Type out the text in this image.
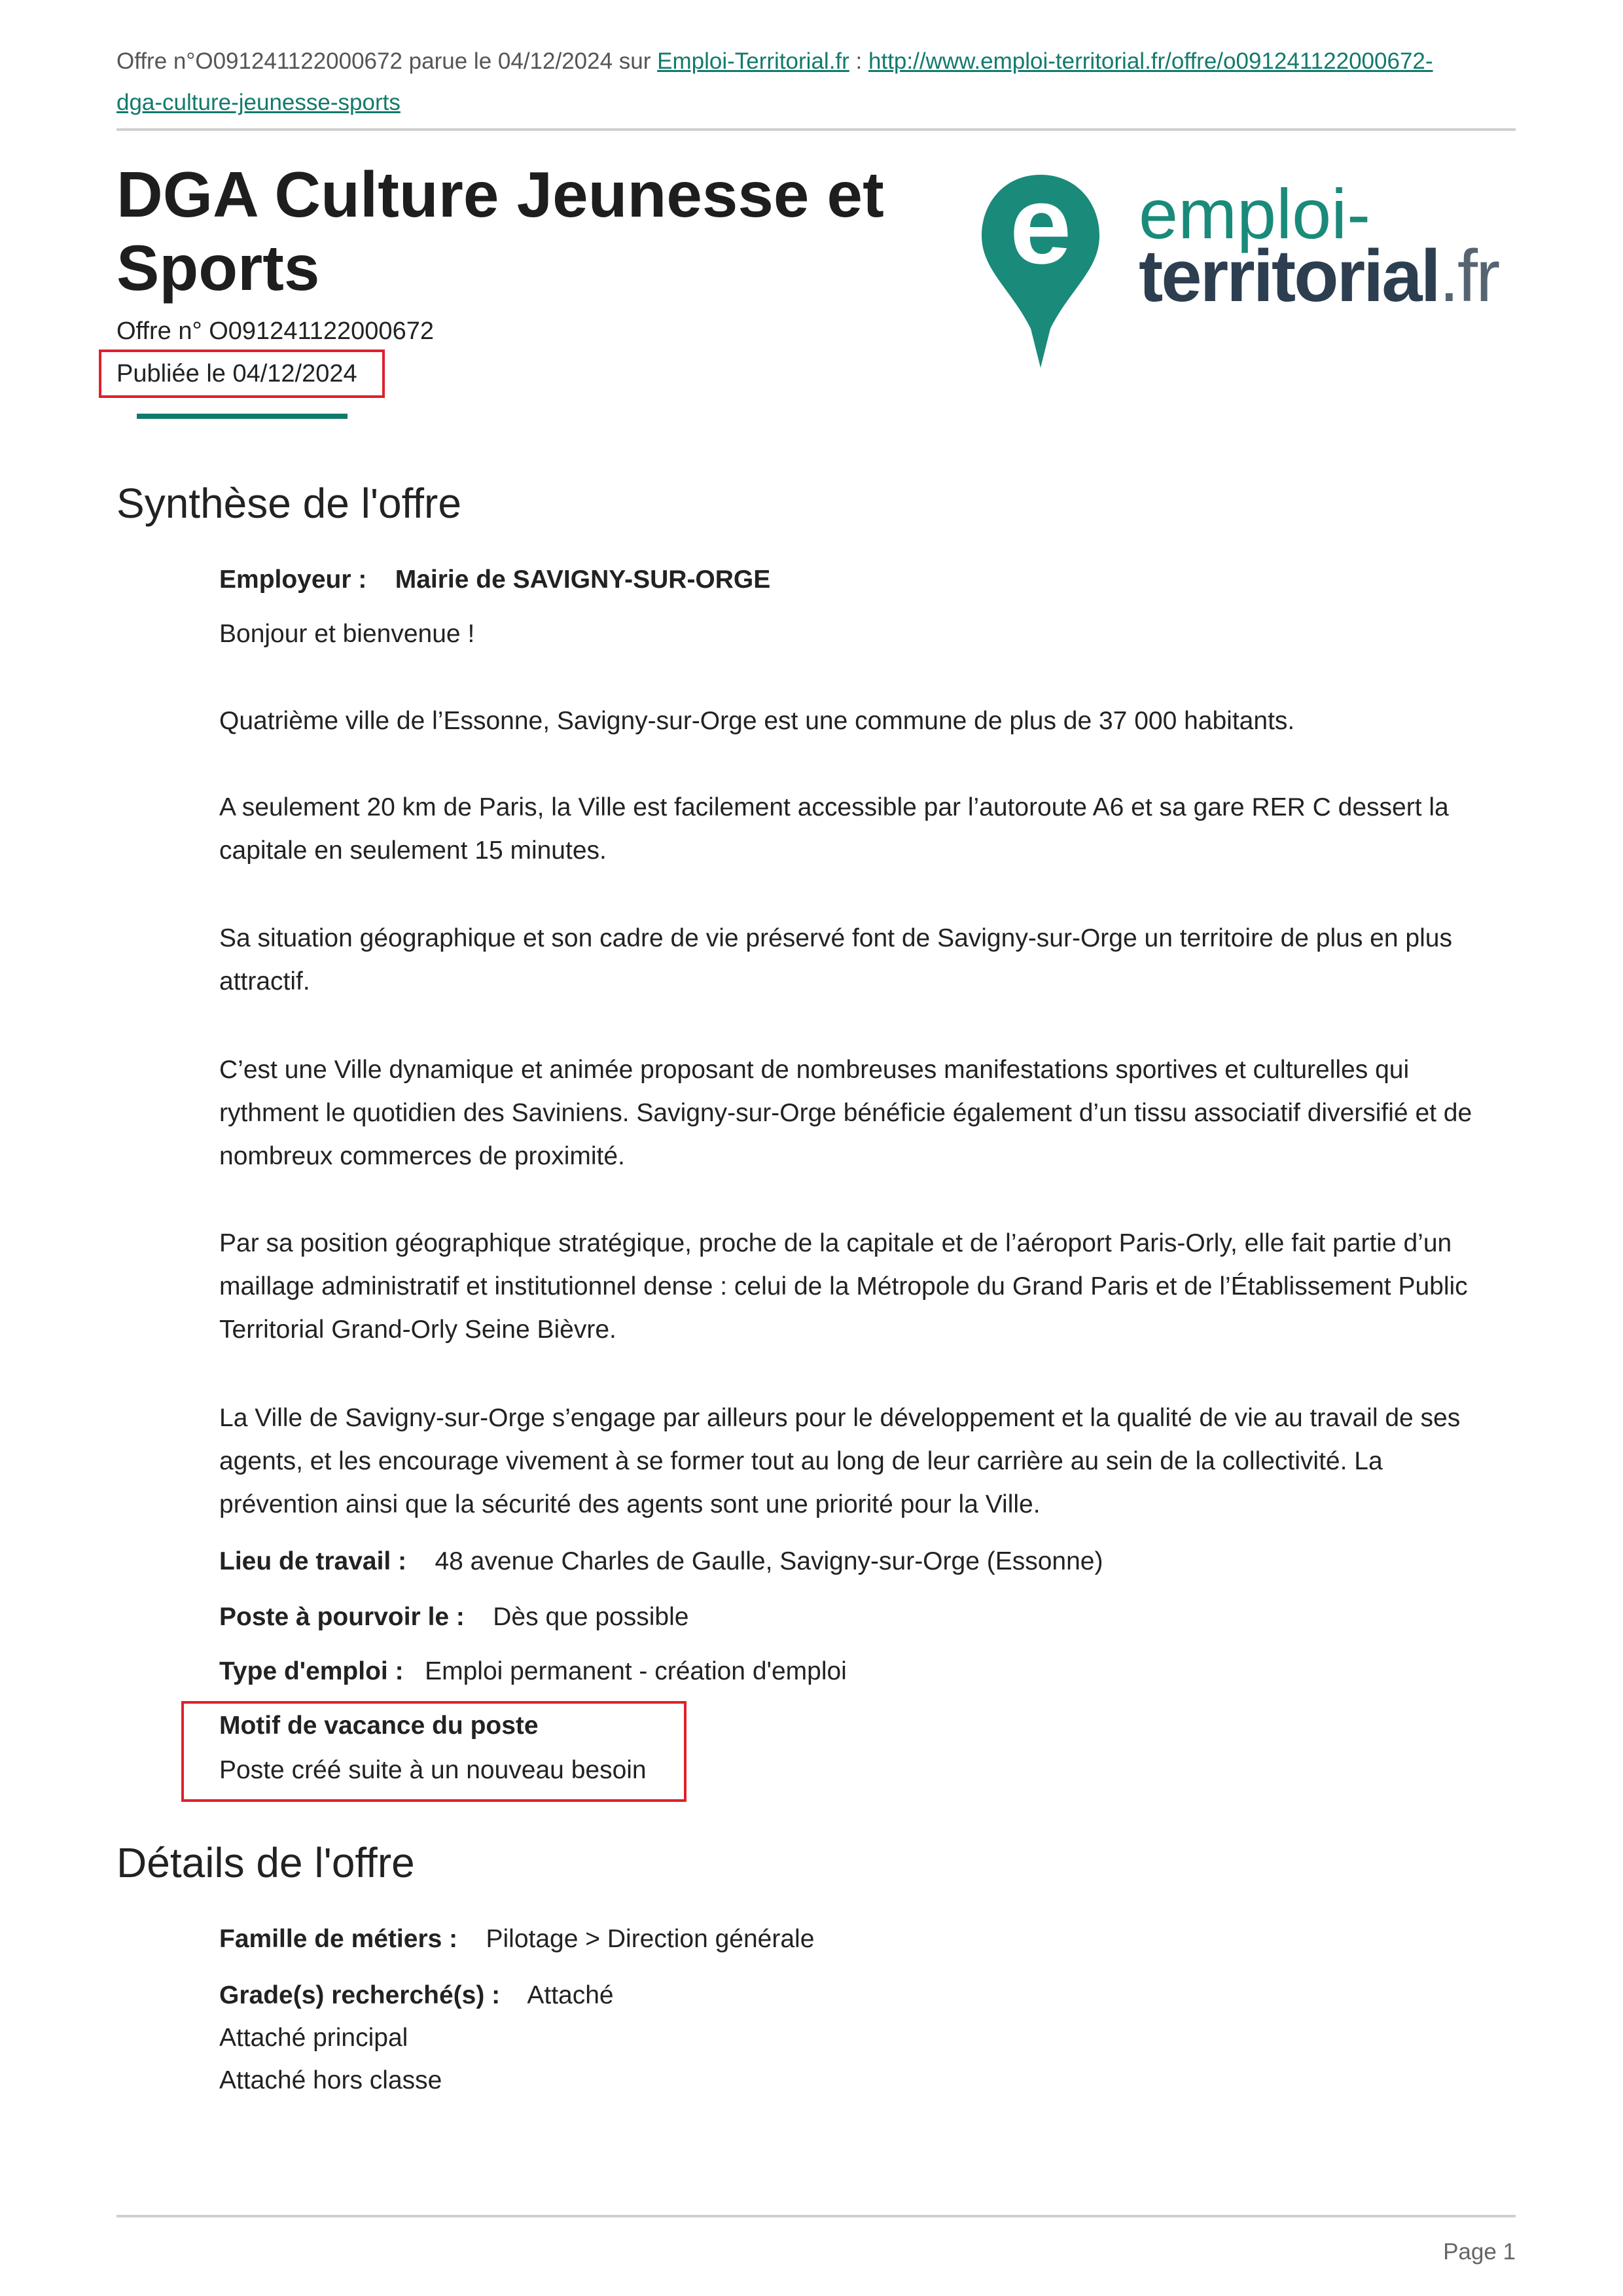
Offre n°O091241122000672 parue le 04/12/2024 sur Emploi-Territorial.fr : http://www.emploi-territorial.fr/offre/o091241122000672-
dga-culture-jeunesse-sports
DGA Culture Jeunesse et
Sports
Offre n° O091241122000672
Publiée le 04/12/2024
e emploi-
territorial.fr
Synthèse de l'offre
Employeur : Mairie de SAVIGNY-SUR-ORGE
Bonjour et bienvenue !
Quatrième ville de l’Essonne, Savigny-sur-Orge est une commune de plus de 37 000 habitants.
A seulement 20 km de Paris, la Ville est facilement accessible par l’autoroute A6 et sa gare RER C dessert la
capitale en seulement 15 minutes.
Sa situation géographique et son cadre de vie préservé font de Savigny-sur-Orge un territoire de plus en plus
attractif.
C’est une Ville dynamique et animée proposant de nombreuses manifestations sportives et culturelles qui
rythment le quotidien des Saviniens. Savigny-sur-Orge bénéficie également d’un tissu associatif diversifié et de
nombreux commerces de proximité.
Par sa position géographique stratégique, proche de la capitale et de l’aéroport Paris-Orly, elle fait partie d’un
maillage administratif et institutionnel dense : celui de la Métropole du Grand Paris et de l’Établissement Public
Territorial Grand-Orly Seine Bièvre.
La Ville de Savigny-sur-Orge s’engage par ailleurs pour le développement et la qualité de vie au travail de ses
agents, et les encourage vivement à se former tout au long de leur carrière au sein de la collectivité. La
prévention ainsi que la sécurité des agents sont une priorité pour la Ville.
Lieu de travail : 48 avenue Charles de Gaulle, Savigny-sur-Orge (Essonne)
Poste à pourvoir le : Dès que possible
Type d'emploi : Emploi permanent - création d'emploi
Motif de vacance du poste
Poste créé suite à un nouveau besoin
Détails de l'offre
Famille de métiers : Pilotage > Direction générale
Grade(s) recherché(s) : Attaché
Attaché principal
Attaché hors classe
Page 1
